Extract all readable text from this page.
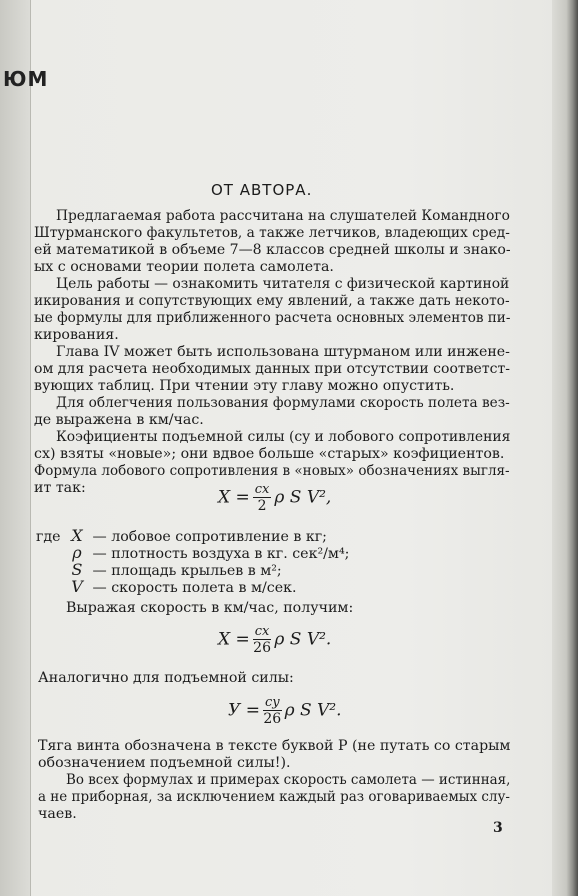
ЮМ
ОТ АВТОРА.
Предлагаемая работа рассчитана на слушателей Командного
Штурманского факультетов, а также летчиков, владеющих сред-
ей математикой в объеме 7—8 классов средней школы и знако-
ых с основами теории полета самолета.
Цель работы — ознакомить читателя с физической картиной
икирования и сопутствующих ему явлений, а также дать некото-
ые формулы для приближенного расчета основных элементов пи-
кирования.
Глава IV может быть использована штурманом или инжене-
ом для расчета необходимых данных при отсутствии соответст-
вующих таблиц. При чтении эту главу можно опустить.
Для облегчения пользования формулами скорость полета вез-
де выражена в км/час.
Коэфициенты подъемной силы (cy и лобового сопротивления
cx) взяты «новые»; они вдвое больше «старых» коэфициентов.
Формула лобового сопротивления в «новых» обозначениях выгля-
ит так:	$X = \frac{cx}{2}$ ρ S V²,
где X — лобовое сопротивление в кг;
ρ — плотность воздуха в кг. сек²/м⁴;
S — площадь крыльев в м²;
V — скорость полета в м/сек.
Выражая скорость в км/час, получим:
$X = \frac{cx}{26}$ ρ S V².
Аналогично для подъемной силы:
$У = \frac{cy}{26}$ ρ S V².
Тяга винта обозначена в тексте буквой P (не путать со старым
обозначением подъемной силы!).
Во всех формулах и примерах скорость самолета — истинная,
а не приборная, за исключением каждый раз оговариваемых слу-
чаев.
3
